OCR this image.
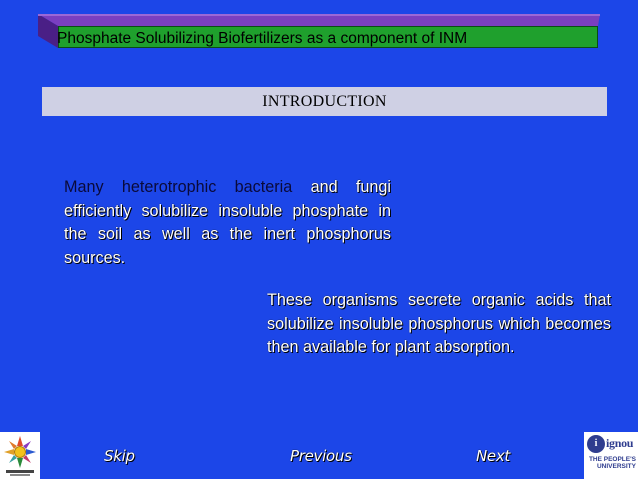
Phosphate Solubilizing Biofertilizers as a component of INM
INTRODUCTION
Many heterotrophic bacteria and fungi efficiently solubilize insoluble phosphate in the soil as well as the inert phosphorus sources.
These organisms secrete organic acids that solubilize insoluble phosphorus which becomes then available for plant absorption.
Skip	Previous	Next
i ignou
THE PEOPLE'S UNIVERSITY
